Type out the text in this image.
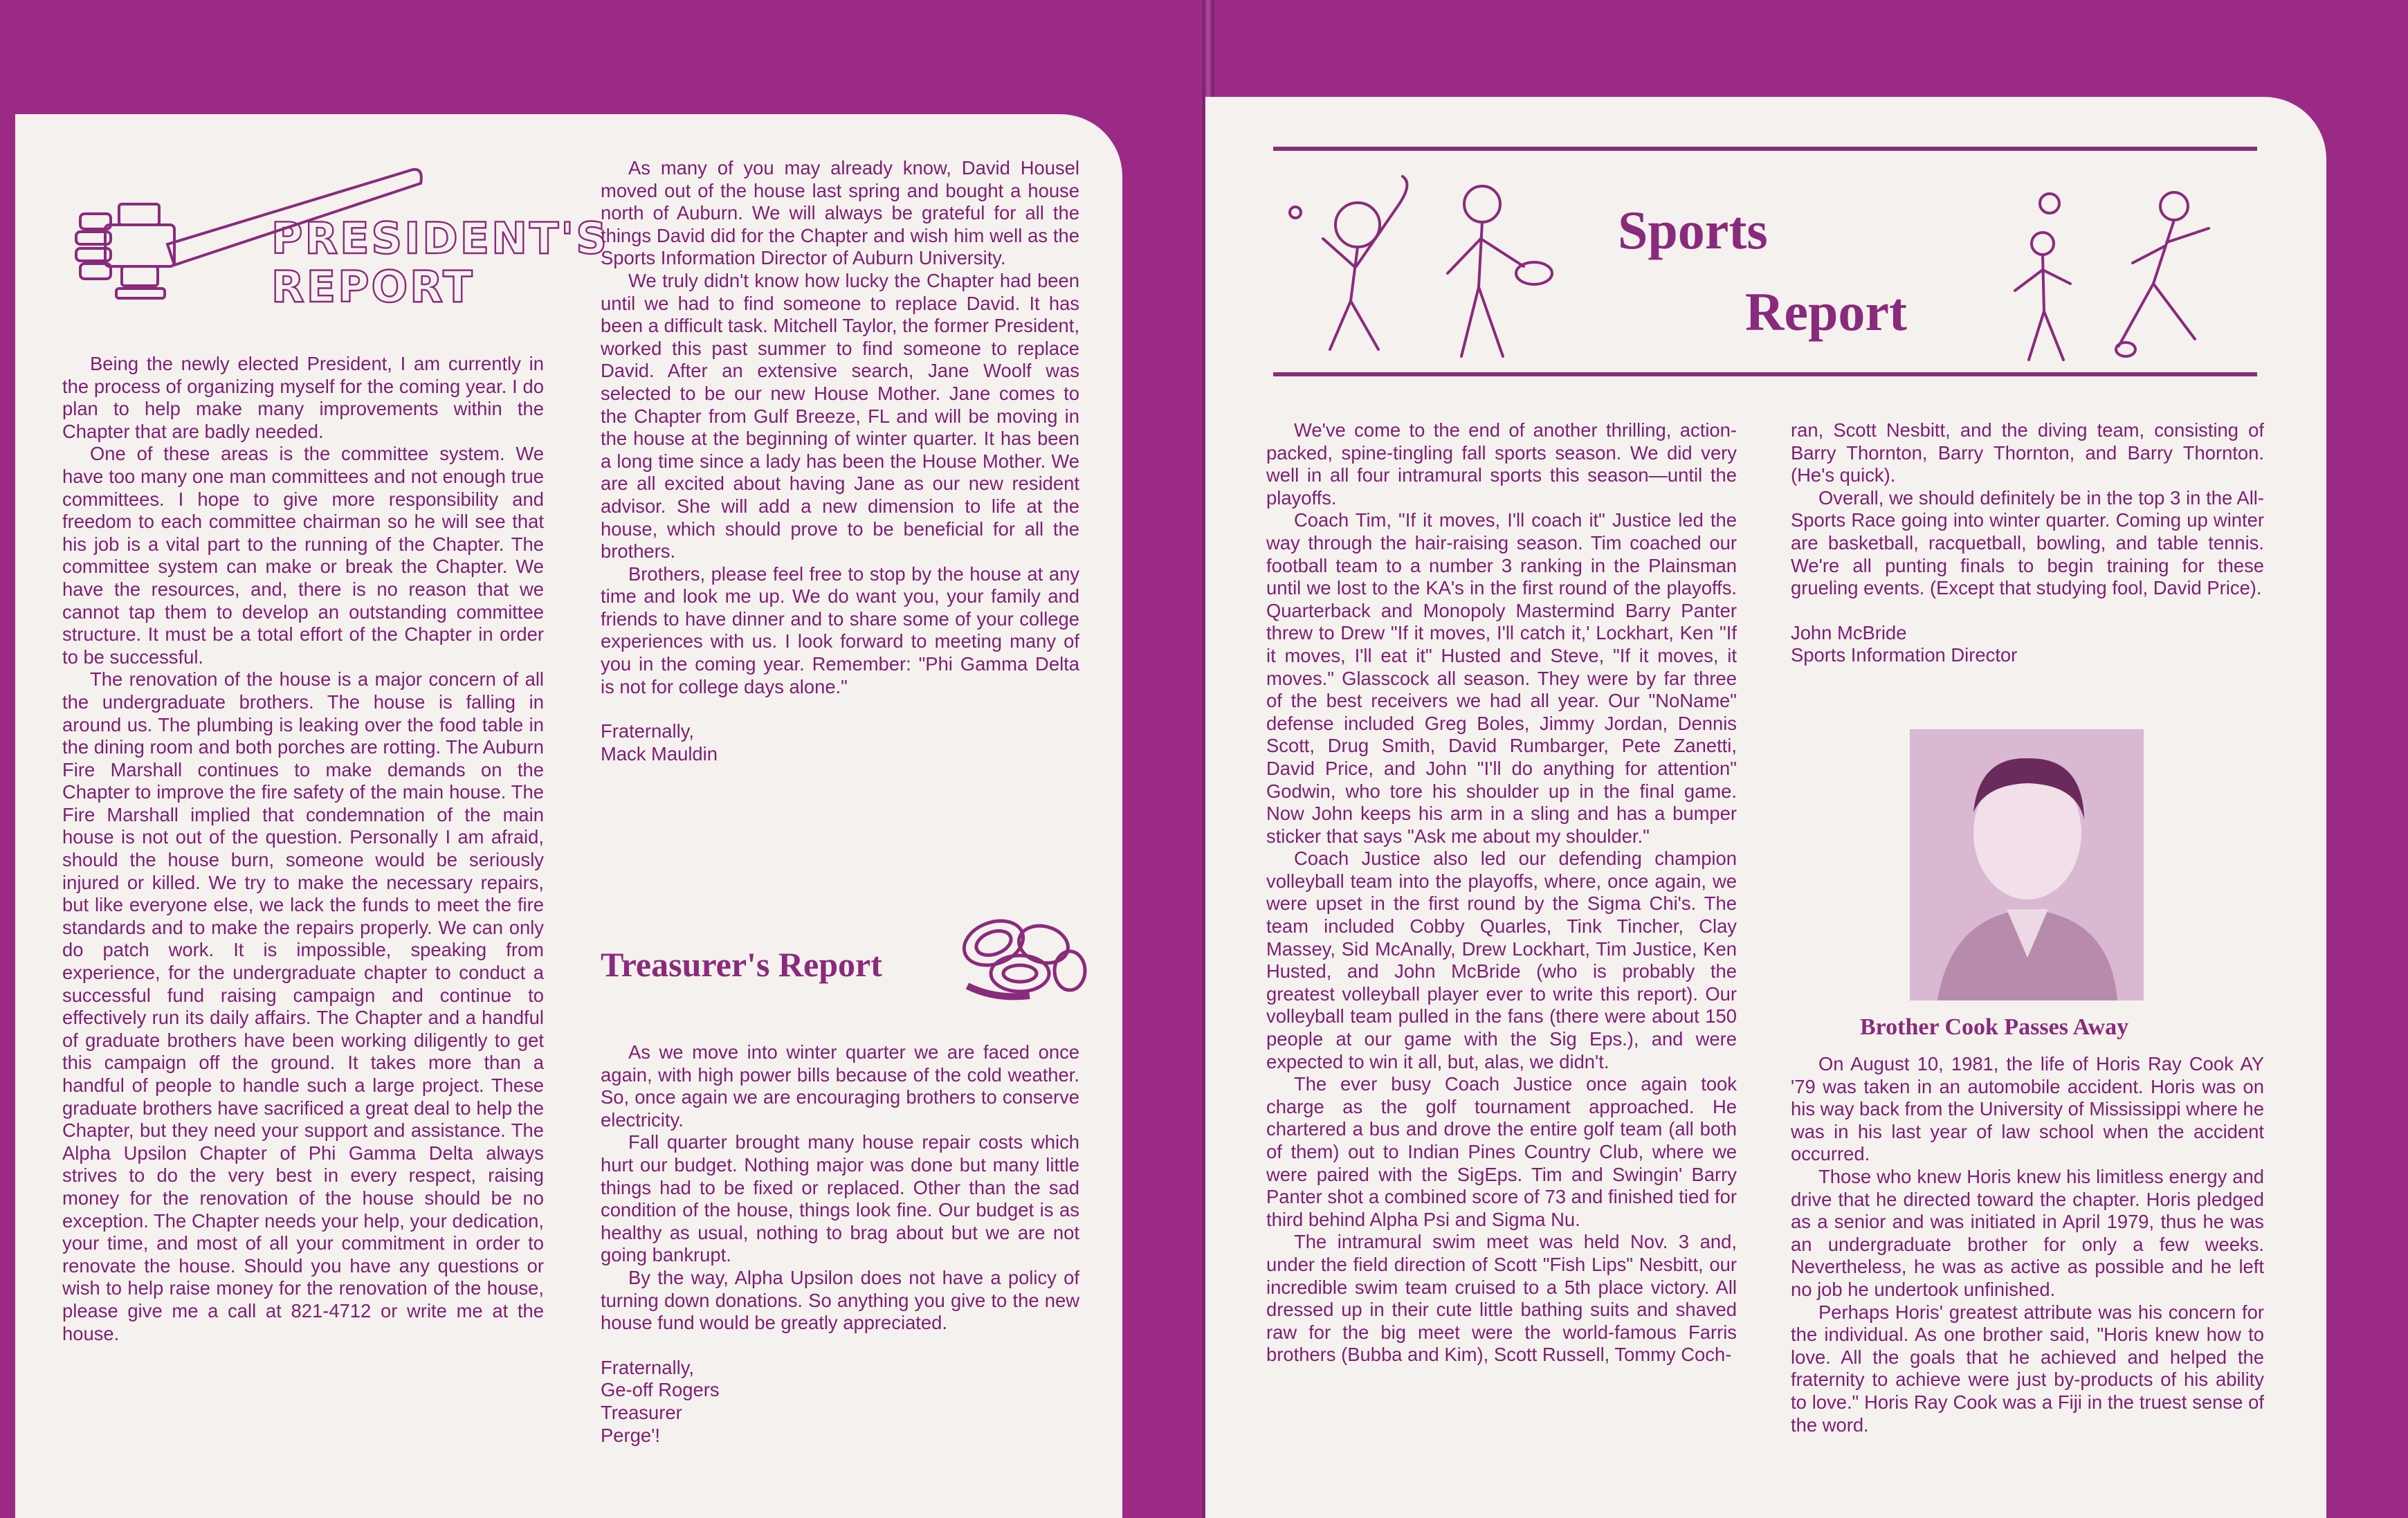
PRESIDENT'S
REPORT

Being the newly elected President, I am currently in the process of organizing myself for the coming year. I do plan to help make many improvements within the Chapter that are badly needed.

One of these areas is the committee system. We have too many one man committees and not enough true committees. I hope to give more responsibility and freedom to each committee chairman so he will see that his job is a vital part to the running of the Chapter. The committee system can make or break the Chapter. We have the resources, and, there is no reason that we cannot tap them to develop an outstanding committee structure. It must be a total effort of the Chapter in order to be successful.

The renovation of the house is a major concern of all the undergraduate brothers. The house is falling in around us. The plumbing is leaking over the food table in the dining room and both porches are rotting. The Auburn Fire Marshall continues to make demands on the Chapter to improve the fire safety of the main house. The Fire Marshall implied that condemnation of the main house is not out of the question. Personally I am afraid, should the house burn, someone would be seriously injured or killed. We try to make the necessary repairs, but like everyone else, we lack the funds to meet the fire standards and to make the repairs properly. We can only do patch work. It is impossible, speaking from experience, for the undergraduate chapter to conduct a successful fund raising campaign and continue to effectively run its daily affairs. The Chapter and a handful of graduate brothers have been working diligently to get this campaign off the ground. It takes more than a handful of people to handle such a large project. These graduate brothers have sacrificed a great deal to help the Chapter, but they need your support and assistance. The Alpha Upsilon Chapter of Phi Gamma Delta always strives to do the very best in every respect, raising money for the renovation of the house should be no exception. The Chapter needs your help, your dedication, your time, and most of all your commitment in order to renovate the house. Should you have any questions or wish to help raise money for the renovation of the house, please give me a call at 821-4712 or write me at the house.

As many of you may already know, David Housel moved out of the house last spring and bought a house north of Auburn. We will always be grateful for all the things David did for the Chapter and wish him well as the Sports Information Director of Auburn University.

We truly didn't know how lucky the Chapter had been until we had to find someone to replace David. It has been a difficult task. Mitchell Taylor, the former President, worked this past summer to find someone to replace David. After an extensive search, Jane Woolf was selected to be our new House Mother. Jane comes to the Chapter from Gulf Breeze, FL and will be moving in the house at the beginning of winter quarter. It has been a long time since a lady has been the House Mother. We are all excited about having Jane as our new resident advisor. She will add a new dimension to life at the house, which should prove to be beneficial for all the brothers.

Brothers, please feel free to stop by the house at any time and look me up. We do want you, your family and friends to have dinner and to share some of your college experiences with us. I look forward to meeting many of you in the coming year. Remember: "Phi Gamma Delta is not for college days alone."

Fraternally,
Mack Mauldin
Treasurer's Report

As we move into winter quarter we are faced once again, with high power bills because of the cold weather. So, once again we are encouraging brothers to conserve electricity.

Fall quarter brought many house repair costs which hurt our budget. Nothing major was done but many little things had to be fixed or replaced. Other than the sad condition of the house, things look fine. Our budget is as healthy as usual, nothing to brag about but we are not going bankrupt.

By the way, Alpha Upsilon does not have a policy of turning down donations. So anything you give to the new house fund would be greatly appreciated.

Fraternally,
Ge-off Rogers
Treasurer
Perge'!
Sports
Report

We've come to the end of another thrilling, action-packed, spine-tingling fall sports season. We did very well in all four intramural sports this season—until the playoffs.

Coach Tim, "If it moves, I'll coach it" Justice led the way through the hair-raising season. Tim coached our football team to a number 3 ranking in the Plainsman until we lost to the KA's in the first round of the playoffs. Quarterback and Monopoly Mastermind Barry Panter threw to Drew "If it moves, I'll catch it,' Lockhart, Ken "If it moves, I'll eat it" Husted and Steve, "If it moves, it moves." Glasscock all season. They were by far three of the best receivers we had all year. Our "NoName" defense included Greg Boles, Jimmy Jordan, Dennis Scott, Drug Smith, David Rumbarger, Pete Zanetti, David Price, and John "I'll do anything for attention" Godwin, who tore his shoulder up in the final game. Now John keeps his arm in a sling and has a bumper sticker that says "Ask me about my shoulder."

Coach Justice also led our defending champion volleyball team into the playoffs, where, once again, we were upset in the first round by the Sigma Chi's. The team included Cobby Quarles, Tink Tincher, Clay Massey, Sid McAnally, Drew Lockhart, Tim Justice, Ken Husted, and John McBride (who is probably the greatest volleyball player ever to write this report). Our volleyball team pulled in the fans (there were about 150 people at our game with the Sig Eps.), and were expected to win it all, but, alas, we didn't.

The ever busy Coach Justice once again took charge as the golf tournament approached. He chartered a bus and drove the entire golf team (all both of them) out to Indian Pines Country Club, where we were paired with the SigEps. Tim and Swingin' Barry Panter shot a combined score of 73 and finished tied for third behind Alpha Psi and Sigma Nu.

The intramural swim meet was held Nov. 3 and, under the field direction of Scott "Fish Lips" Nesbitt, our incredible swim team cruised to a 5th place victory. All dressed up in their cute little bathing suits and shaved raw for the big meet were the world-famous Farris brothers (Bubba and Kim), Scott Russell, Tommy Coch-

ran, Scott Nesbitt, and the diving team, consisting of Barry Thornton, Barry Thornton, and Barry Thornton. (He's quick).

Overall, we should definitely be in the top 3 in the All-Sports Race going into winter quarter. Coming up winter are basketball, racquetball, bowling, and table tennis. We're all punting finals to begin training for these grueling events. (Except that studying fool, David Price).

John McBride
Sports Information Director
Brother Cook Passes Away

On August 10, 1981, the life of Horis Ray Cook AY '79 was taken in an automobile accident. Horis was on his way back from the University of Mississippi where he was in his last year of law school when the accident occurred.

Those who knew Horis knew his limitless energy and drive that he directed toward the chapter. Horis pledged as a senior and was initiated in April 1979, thus he was an undergraduate brother for only a few weeks. Nevertheless, he was as active as possible and he left no job he undertook unfinished.

Perhaps Horis' greatest attribute was his concern for the individual. As one brother said, "Horis knew how to love. All the goals that he achieved and helped the fraternity to achieve were just by-products of his ability to love." Horis Ray Cook was a Fiji in the truest sense of the word.
